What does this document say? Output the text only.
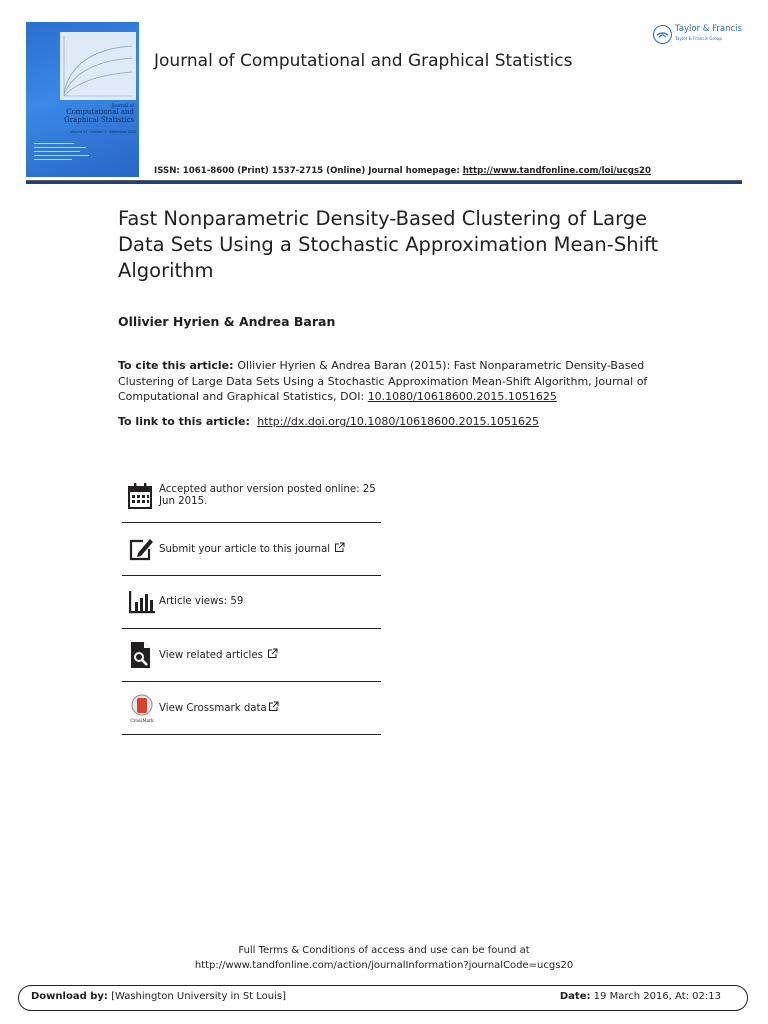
Journal of
Computational and Graphical Statistics
Volume 24 · Number 3 · September 2015
Journal of Computational and Graphical Statistics
Taylor & Francis
Taylor & Francis Group
ISSN: 1061-8600 (Print) 1537-2715 (Online) Journal homepage: http://www.tandfonline.com/loi/ucgs20
Fast Nonparametric Density-Based Clustering of Large Data Sets Using a Stochastic Approximation Mean-Shift Algorithm
Ollivier Hyrien & Andrea Baran
To cite this article: Ollivier Hyrien & Andrea Baran (2015): Fast Nonparametric Density-Based Clustering of Large Data Sets Using a Stochastic Approximation Mean-Shift Algorithm, Journal of Computational and Graphical Statistics, DOI: 10.1080/10618600.2015.1051625
To link to this article:  http://dx.doi.org/10.1080/10618600.2015.1051625
Accepted author version posted online: 25 Jun 2015.
Submit your article to this journal
Article views: 59
View related articles
CrossMark
View Crossmark data
Full Terms & Conditions of access and use can be found at
http://www.tandfonline.com/action/journalInformation?journalCode=ucgs20
Download by: [Washington University in St Louis]	Date: 19 March 2016, At: 02:13
